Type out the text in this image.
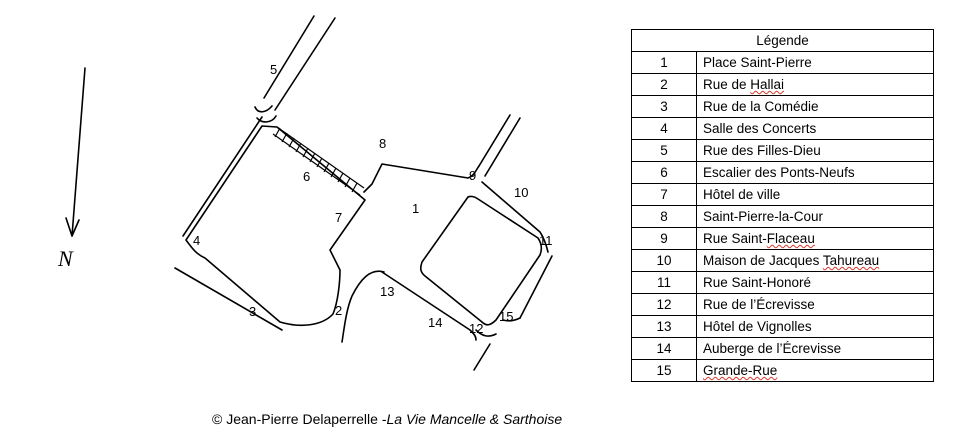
N
1
2
3
4
5
6
7
8
9
10
11
12
13
14	15
Légende	
1	Place Saint-Pierre
2	Rue de Hallai
3	Rue de la Comédie
4	Salle des Concerts
5	Rue des Filles-Dieu
6	Escalier des Ponts-Neufs
7	Hôtel de ville
8	Saint-Pierre-la-Cour
9	Rue Saint-Flaceau
10	Maison de Jacques Tahureau
11	Rue Saint-Honoré
12	Rue de l’Écrevisse
13	Hôtel de Vignolles
14	Auberge de l’Écrevisse
15	Grande-Rue
© Jean-Pierre Delaperrelle -La Vie Mancelle & Sarthoise
